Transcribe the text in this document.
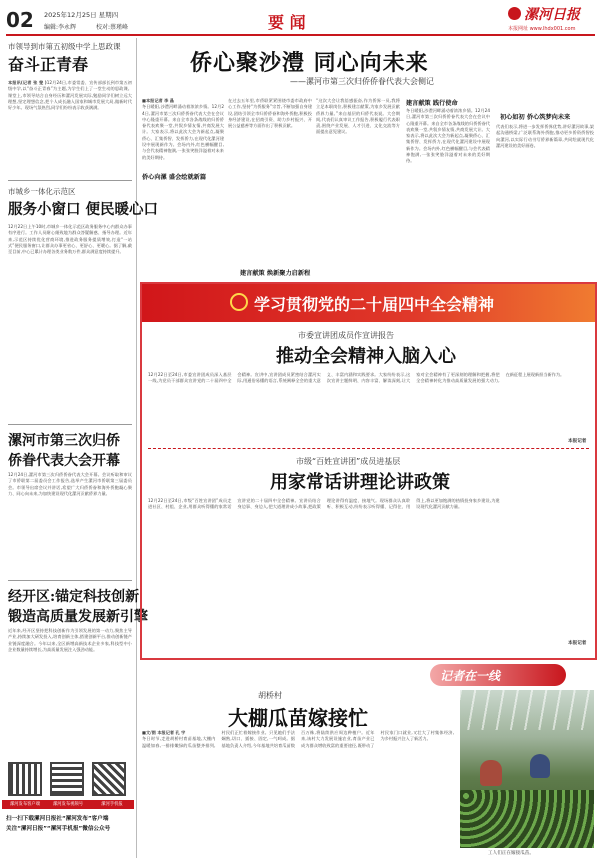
02	2025年12月25日 星期四
编辑:李永辉	校对:蔡瑾峰	要 闻	漯河日报
本报网址 www.lhdx001.com
市领导到市第五初级中学上思政课
奋斗正青春
本报讯(记者 张 斐 )12月24日,市委常委、宣传部部长到市第五初级中学,以“奋斗正青春”为主题,为学生们上了一堂生动的思政课。课堂上,市领导结合自身经历和漯河发展实际,勉励同学们树立远大理想,坚定理想信念,把个人成长融入国家和城市发展大局,做新时代好少年。现场气氛热烈,同学们纷纷表示收获满满。
市城乡一体化示范区
服务小窗口 便民暖心口
12月22日上午10时,市城乡一体化示范区政务服务中心内群众办事有序进行。工作人员耐心细致地为群众答疑解惑、指导办理。近年来,示范区持续优化营商环境,推进政务服务提质增效,打造“一站式”便民服务窗口,让群众办事更省心、更舒心、更暖心。据了解,截至目前,中心已累计办理各类业务数万件,群众满意度持续提升。
漯河市第三次归侨
侨眷代表大会开幕
12月24日,漯河市第三次归侨侨眷代表大会开幕。会议听取和审议了市侨联第二届委员会工作报告,选举产生漯河市侨联第三届委员会。市领导出席会议并讲话,希望广大归侨侨眷和海外侨胞凝心聚力、同心向未来,为加快建设现代化漯河贡献侨界力量。
经开区:锚定科技创新
锻造高质量发展新引擎
近年来,经开区坚持把科技创新作为引领发展的第一动力,聚焦主导产业,持续加大研发投入,培育创新主体,搭建创新平台,推动创新链产业链深度融合。今年以来,全区新增高新技术企业多家,科技型中小企业数量持续增长,为高质量发展注入强劲动能。
漯河发布客户端	漯河发布视频号	漯河手机报
扫一扫下载漯河日报社“漯河发布”客户端
关注“漯河日报”“漯河手机报”微信公众号
侨心聚沙澧 同心向未来
——漯河市第三次归侨侨眷代表大会侧记
■本报记者 李 晶
冬日暖阳,沙澧河畔涌动着浓浓乡情。12月24日,漯河市第三次归侨侨眷代表大会在会议中心隆重开幕。来自全市各条战线的归侨侨眷代表欢聚一堂,共叙乡情友情,共商发展大计。大家表示,将以此次大会为新起点,凝聚侨心、汇集侨智、发挥侨力,在现代化漯河建设中展现新作为。会场内外,红色横幅醒目,与会代表精神饱满,一张张笑脸洋溢着对未来的美好期待。
侨心向漯 盛会绘就新篇
在过去五年里,市侨联紧紧围绕市委市政府中心工作,坚持“为侨服务”宗旨,不断加强自身建设,团结引领全市归侨侨眷和海外侨胞,积极投身经济建设,在招商引资、助力乡村振兴、开展公益慈善等方面作出了积极贡献。
“这次大会让我倍感振奋,作为侨界一员,我将立足本职岗位,积极建言献策,为家乡发展贡献侨界力量。”来自基层的归侨代表说。大会期间,代表们认真审议工作报告,积极履行代表职责,围绕产业发展、人才引进、文化交流等方面提出意见建议。
建言献策 践行使命
冬日暖阳,沙澧河畔涌动着浓浓乡情。12月24日,漯河市第三次归侨侨眷代表大会在会议中心隆重开幕。来自全市各条战线的归侨侨眷代表欢聚一堂,共叙乡情友情,共商发展大计。大家表示,将以此次大会为新起点,凝聚侨心、汇集侨智、发挥侨力,在现代化漯河建设中展现新作为。会场内外,红色横幅醒目,与会代表精神饱满,一张张笑脸洋溢着对未来的美好期待。
建言献策 焕新聚力启新程
初心如初 侨心筑梦向未来
代表们表示,将进一步发挥侨界优势,讲好漯河故事,架起沟通桥梁,广泛联系海外侨胞,推动更多侨资侨智投向漯河,以实际行动书写侨界新篇章,共同绘就现代化漯河建设的美好画卷。
学习贯彻党的二十届四中全会精神
市委宣讲团成员作宣讲报告
推动全会精神入脑入心
12月22日至24日,市委宣讲团成员深入基层一线,为党员干部群众宣讲党的二十届四中全会精神。宣讲中,宣讲团成员紧密结合漯河实际,用通俗易懂的语言,系统阐释全会的重大意义、丰富内涵和实践要求。大家纷纷表示,这次宣讲主题鲜明、内容丰富、解读深刻,让大家对全会精神有了更深刻的理解和把握,将把全会精神转化为推动高质量发展的强大动力,在新征程上展现新担当新作为。
本报记者
市级“百姓宣讲团”成员进基层
用家常话讲理论讲政策
12月22日至24日,市级“百姓宣讲团”成员走进社区、村组、企业,用群众听得懂的家常话宣讲党的二十届四中全会精神。宣讲员结合身边事、身边人,把大道理讲成小故事,把政策理论讲得有温度、接地气。现场群众认真聆听、积极互动,纷纷表示听得懂、记得住、用得上,将以更加饱满的热情投身家乡建设,为建设现代化漯河贡献力量。
本报记者
记者在一线
胡桥村
大棚瓜苗嫁接忙
■文/图 本报记者 孔 宇
冬日时节,走进胡桥村育苗基地,大棚内温暖如春,一排排嫩绿的瓜苗整齐排列,村民们正忙着嫁接作业。只见她们手法娴熟,切口、插接、固定,一气呵成。据基地负责人介绍,今年基地共培育瓜苗数百万株,将陆续供应周边种植户。近年来,该村大力发展设施农业,育苗产业已成为群众增收致富的重要途径,既带动了村民家门口就业,又壮大了村集体经济,为乡村振兴注入了新活力。
工人们正在嫁接瓜苗。
